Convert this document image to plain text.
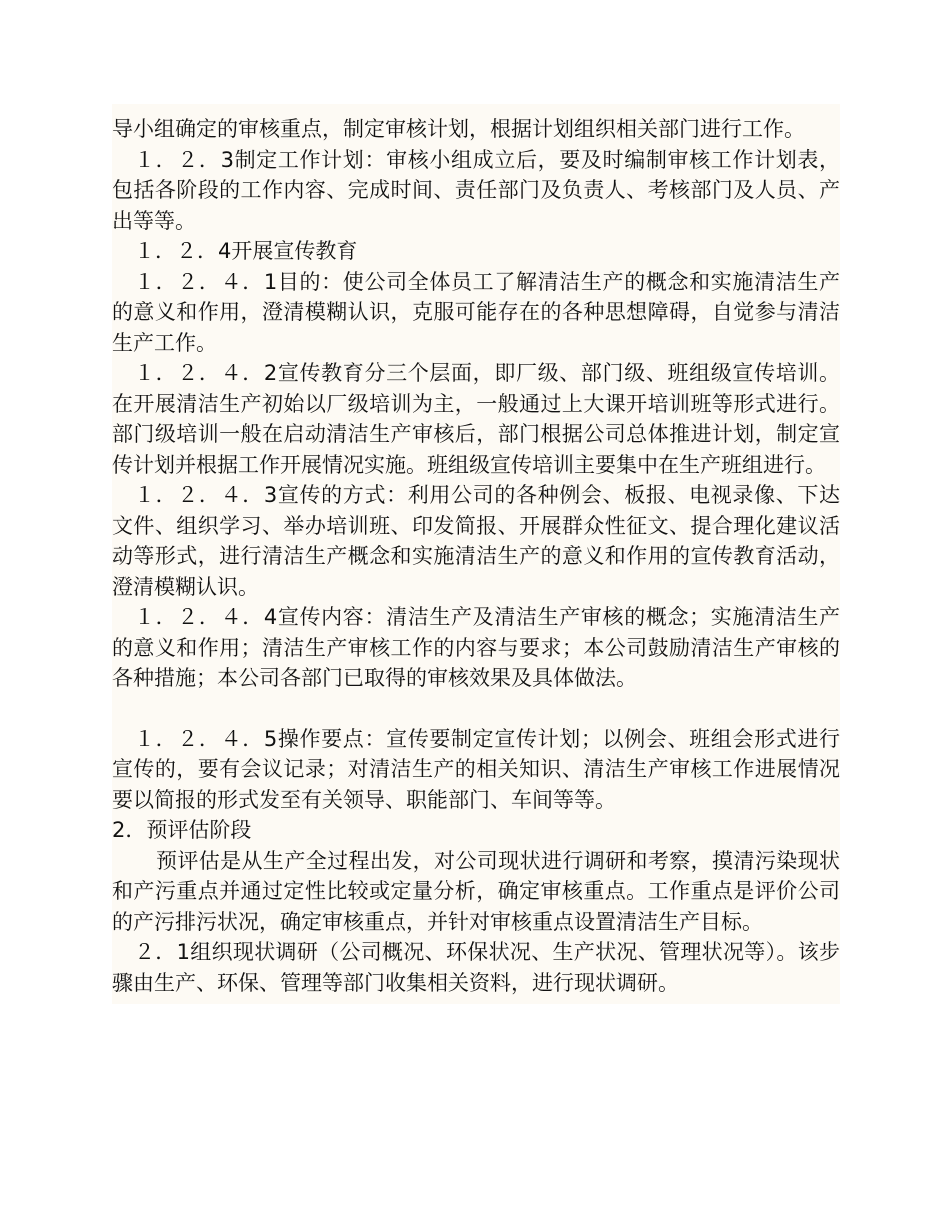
导小组确定的审核重点，制定审核计划，根据计划组织相关部门进行工作。

１．２．3制定工作计划：审核小组成立后，要及时编制审核工作计划表，包括各阶段的工作内容、完成时间、责任部门及负责人、考核部门及人员、产出等等。

１．２．4开展宣传教育

１．２．４．1目的：使公司全体员工了解清洁生产的概念和实施清洁生产的意义和作用，澄清模糊认识，克服可能存在的各种思想障碍，自觉参与清洁生产工作。

１．２．４．2宣传教育分三个层面，即厂级、部门级、班组级宣传培训。在开展清洁生产初始以厂级培训为主，一般通过上大课开培训班等形式进行。部门级培训一般在启动清洁生产审核后，部门根据公司总体推进计划，制定宣传计划并根据工作开展情况实施。班组级宣传培训主要集中在生产班组进行。

１．２．４．3宣传的方式：利用公司的各种例会、板报、电视录像、下达文件、组织学习、举办培训班、印发简报、开展群众性征文、提合理化建议活动等形式，进行清洁生产概念和实施清洁生产的意义和作用的宣传教育活动，澄清模糊认识。

１．２．４．4宣传内容：清洁生产及清洁生产审核的概念；实施清洁生产的意义和作用；清洁生产审核工作的内容与要求；本公司鼓励清洁生产审核的各种措施；本公司各部门已取得的审核效果及具体做法。

１．２．４．5操作要点：宣传要制定宣传计划；以例会、班组会形式进行宣传的，要有会议记录；对清洁生产的相关知识、清洁生产审核工作进展情况要以简报的形式发至有关领导、职能部门、车间等等。

2．预评估阶段

预评估是从生产全过程出发，对公司现状进行调研和考察，摸清污染现状和产污重点并通过定性比较或定量分析，确定审核重点。工作重点是评价公司的产污排污状况，确定审核重点，并针对审核重点设置清洁生产目标。

２．1组织现状调研（公司概况、环保状况、生产状况、管理状况等）。该步骤由生产、环保、管理等部门收集相关资料，进行现状调研。
